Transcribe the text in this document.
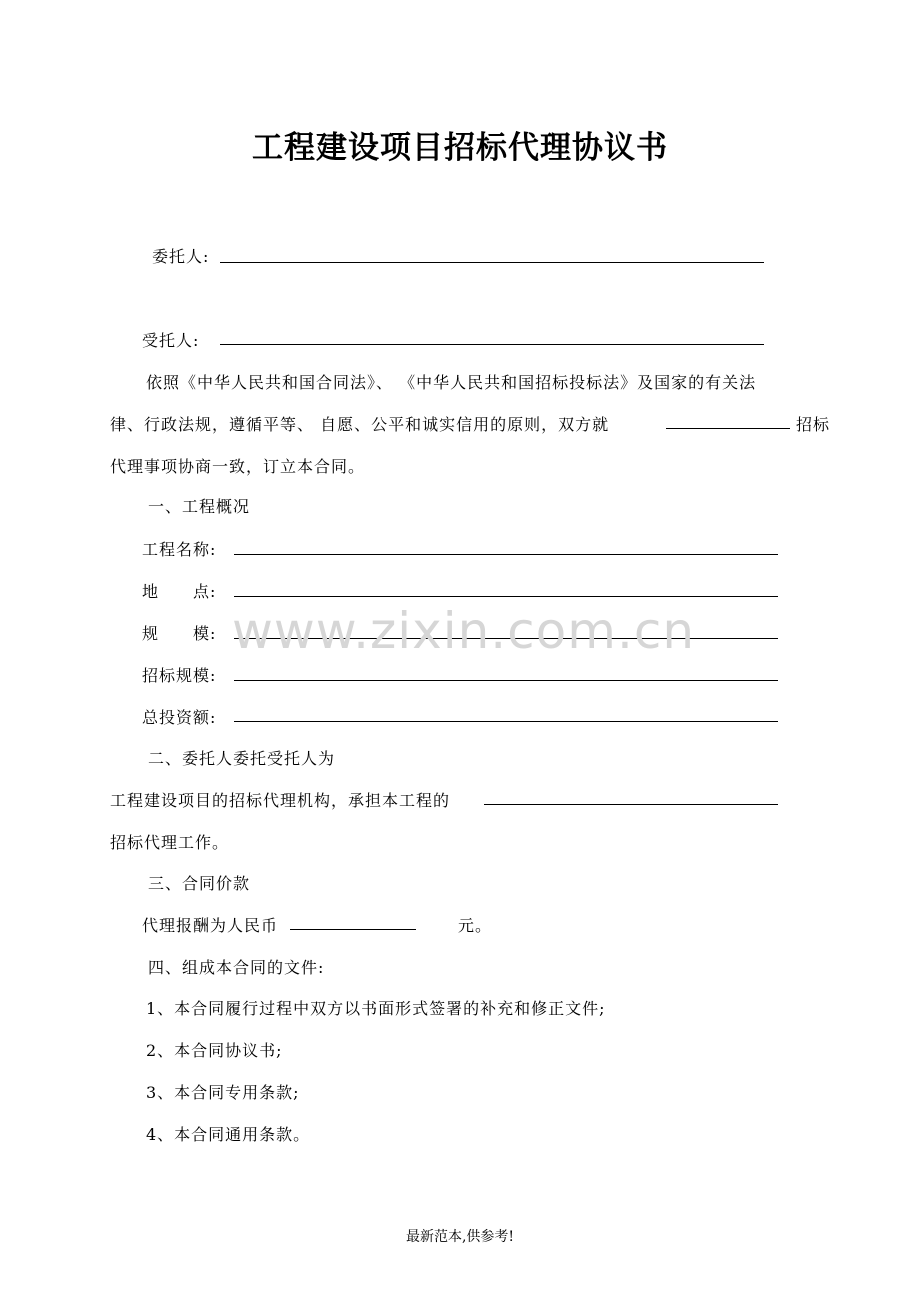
工程建设项目招标代理协议书
委托人:
受托人:
依照《中华人民共和国合同法》、 《中华人民共和国招标投标法》及国家的有关法
律、行政法规，遵循平等、 自愿、公平和诚实信用的原则，双方就	招标
代理事项协商一致，订立本合同。
一、工程概况
工程名称:
地　　点:
规　　模:
招标规模:
总投资额:
二、委托人委托受托人为
工程建设项目的招标代理机构，承担本工程的
招标代理工作。
三、合同价款
代理报酬为人民币	元。
四、组成本合同的文件:
1、本合同履行过程中双方以书面形式签署的补充和修正文件;
2、本合同协议书;
3、本合同专用条款;
4、本合同通用条款。
www.zixin.com.cn
最新范本,供参考!
